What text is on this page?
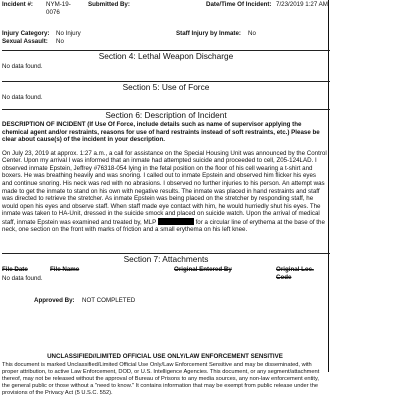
Incident #: NYM-19-0076
Submitted By:	Date/Time Of Incident: 7/23/2019 1:27 AM
Injury Category: No Injury	Staff Injury by Inmate: No
Sexual Assault: No
Section 4: Lethal Weapon Discharge
No data found.
Section 5: Use of Force
No data found.
Section 6: Description of Incident

DESCRIPTION OF INCIDENT (If Use Of Force, include details such as name of supervisor applying the chemical agent and/or restraints, reasons for use of hard restraints instead of soft restraints, etc.) Please be clear about cause(s) of the incident in your description.

On July 23, 2019 at approx. 1:27 a.m., a call for assistance on the Special Housing Unit was announced by the Control Center. Upon my arrival I was informed that an inmate had attempted suicide and proceeded to cell, Z05-124LAD. I observed inmate Epstein, Jeffrey #76318-054 lying in the fetal position on the floor of his cell wearing a t-shirt and boxers. He was breathing heavily and was snoring. I called out to inmate Epstein and observed him flicker his eyes and continue snoring. His neck was red with no abrasions. I observed no further injuries to his person. An attempt was made to get the inmate to stand on his own with negative results. The inmate was placed in hand restraints and staff was directed to retrieve the stretcher. As inmate Epstein was being placed on the stretcher by responding staff, he would open his eyes and observe staff. When staff made eye contact with him, he would hurriedly shut his eyes. The inmate was taken to HA-Unit, dressed in the suicide smock and placed on suicide watch. Upon the arrival of medical staff, inmate Epstein was examined and treated by, MLP	for a circular line of erythema at the base of the neck, one section on the front with marks of friction and a small erythema on his left knee.

Section 7: Attachments
File Date	File Name	Original Entered By	Original Loc. Code
No data found.
Approved By: NOT COMPLETED
UNCLASSIFIED//LIMITED OFFICIAL USE ONLY/LAW ENFORCEMENT SENSITIVE
This document is marked Unclassified/Limited Official Use Only/Law Enforcement Sensitive and may be disseminated, with proper attribution, to active Law Enforcement, DOD, or U.S. Intelligence Agencies. This document, or any segment/attachment thereof, may not be released without the approval of Bureau of Prisons to any media sources, any non-law enforcement entity, the general public or those without a "need to know." It contains information that may be exempt from public release under the provisions of the Privacy Act (5 U.S.C. 552).
